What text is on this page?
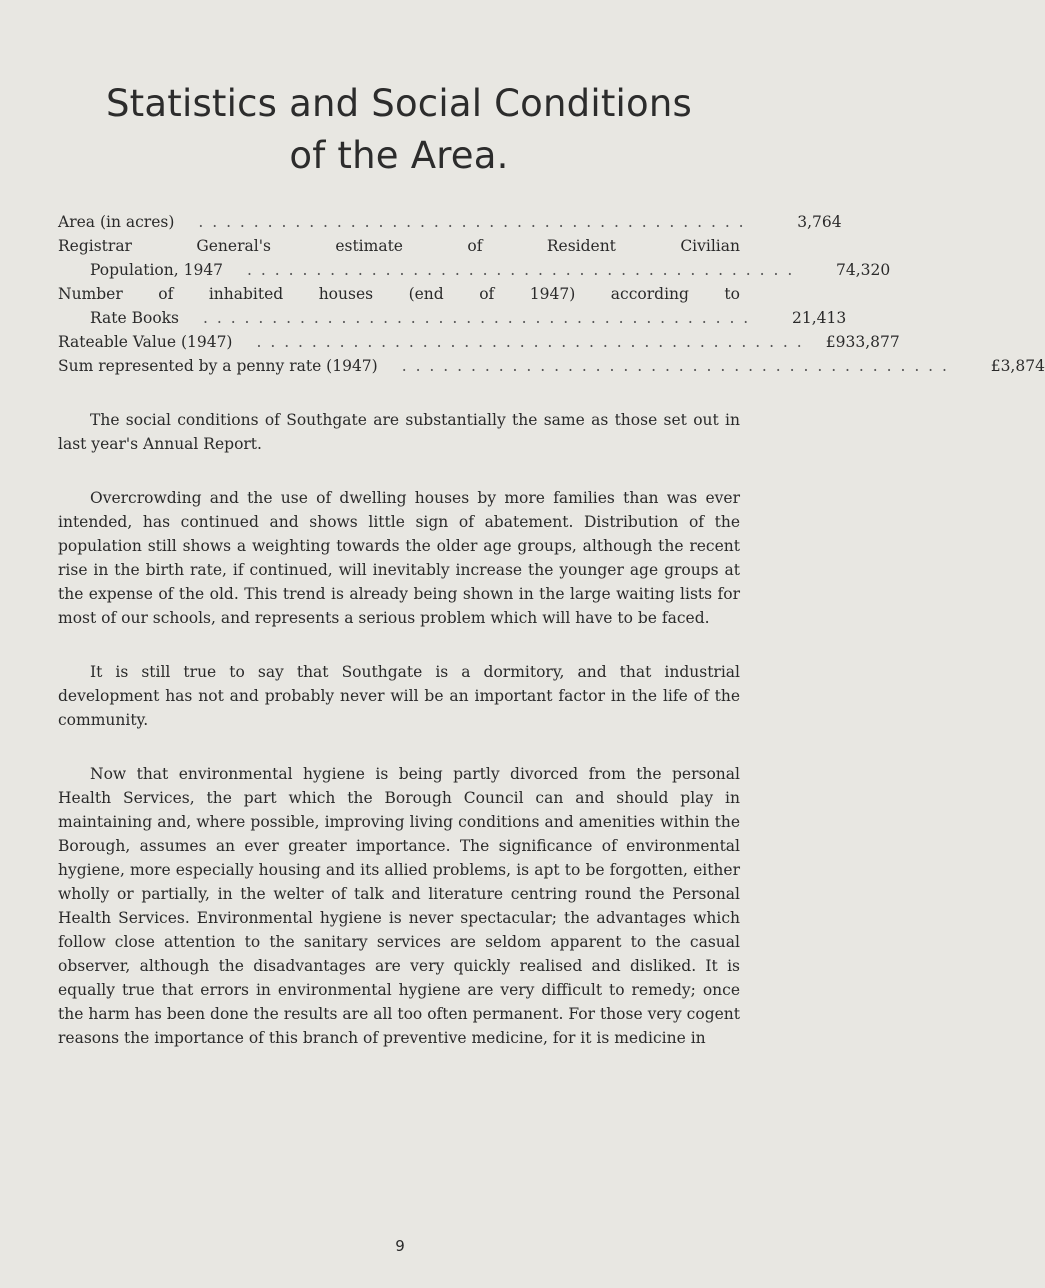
Statistics and Social Conditions
of the Area.
Area (in acres) . . . . . . . . . . . . . . . . . . . . . . . . . . . . . . . . . . . . . . . .	3,764
Registrar General's estimate of Resident Civilian
Population, 1947 . . . . . . . . . . . . . . . . . . . . . . . . . . . . . . . . . . . . . . . .	74,320
Number of inhabited houses (end of 1947) according to
Rate Books . . . . . . . . . . . . . . . . . . . . . . . . . . . . . . . . . . . . . . . .	21,413
Rateable Value (1947) . . . . . . . . . . . . . . . . . . . . . . . . . . . . . . . . . . . . . . . .	£933,877
Sum represented by a penny rate (1947) . . . . . . . . . . . . . . . . . . . . . . . . . . . . . . . . . . . . . . . .	£3,874

The social conditions of Southgate are substantially the same as those set out in last year's Annual Report.

Overcrowding and the use of dwelling houses by more families than was ever intended, has continued and shows little sign of abatement. Distribution of the population still shows a weighting towards the older age groups, although the recent rise in the birth rate, if continued, will inevitably increase the younger age groups at the expense of the old. This trend is already being shown in the large waiting lists for most of our schools, and represents a serious problem which will have to be faced.

It is still true to say that Southgate is a dormitory, and that industrial development has not and probably never will be an important factor in the life of the community.

Now that environmental hygiene is being partly divorced from the personal Health Services, the part which the Borough Council can and should play in maintaining and, where possible, improving living conditions and amenities within the Borough, assumes an ever greater importance. The significance of environmental hygiene, more especially housing and its allied problems, is apt to be forgotten, either wholly or partially, in the welter of talk and literature centring round the Personal Health Services. Environmental hygiene is never spectacular; the advantages which follow close attention to the sanitary services are seldom apparent to the casual observer, although the disadvantages are very quickly realised and disliked. It is equally true that errors in environmental hygiene are very difficult to remedy; once the harm has been done the results are all too often permanent. For those very cogent reasons the importance of this branch of preventive medicine, for it is medicine in

9
